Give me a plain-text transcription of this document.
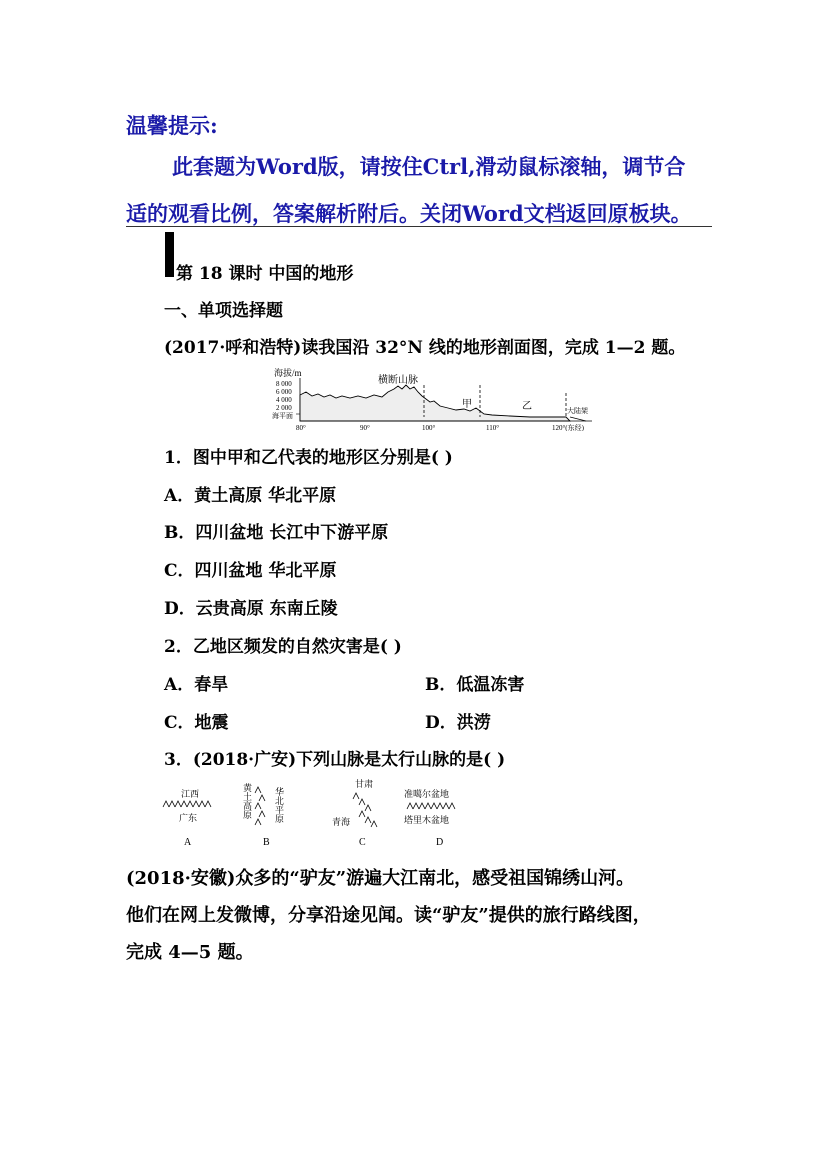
温馨提示:
此套题为Word版，请按住Ctrl,滑动鼠标滚轴，调节合
适的观看比例，答案解析附后。关闭Word文档返回原板块。
第 18 课时 中国的地形
一、单项选择题
(2017·呼和浩特)读我国沿 32°N 线的地形剖面图，完成 1—2 题。
海拔/m
8 000
6 000
4 000
2 000
海平面
横断山脉
甲	乙	大陆架
80°	90°	100°	110°	120°(东经)
1．图中甲和乙代表的地形区分别是( )
A．黄土高原 华北平原
B．四川盆地 长江中下游平原
C．四川盆地 华北平原
D．云贵高原 东南丘陵
2．乙地区频发的自然灾害是( )
A．春旱	B．低温冻害
C．地震	D．洪涝
3．(2018·广安)下列山脉是太行山脉的是( )
江西
广东
A
黄土高原 华北平原
B
甘肃
青海
C
准噶尔盆地
塔里木盆地
D
(2018·安徽)众多的“驴友”游遍大江南北，感受祖国锦绣山河。
他们在网上发微博，分享沿途见闻。读“驴友”提供的旅行路线图，
完成 4—5 题。
